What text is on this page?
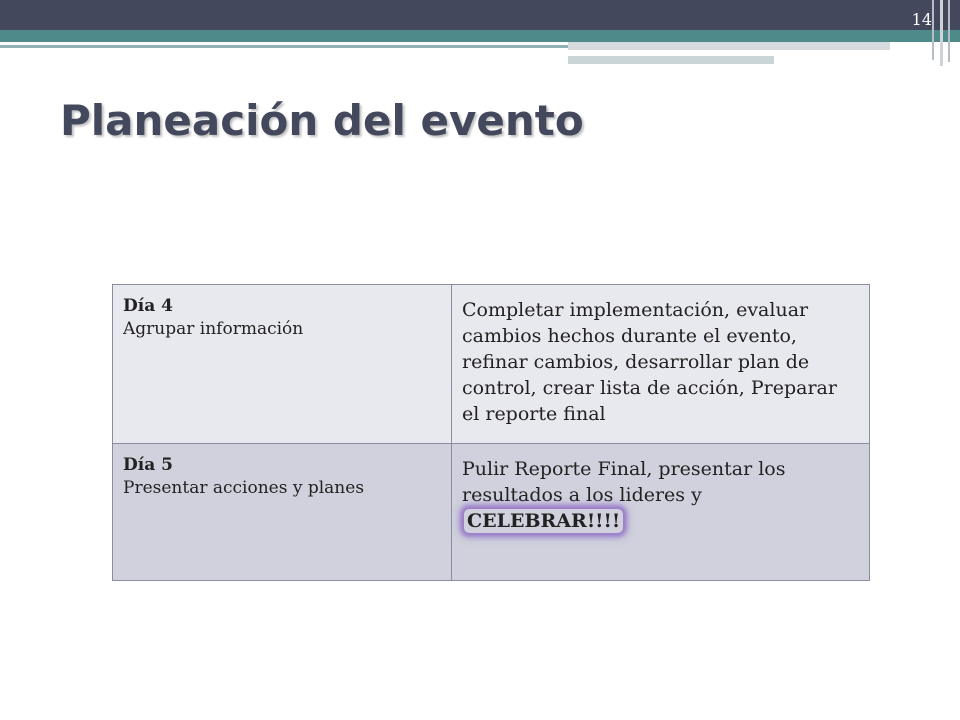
14
Planeación del evento
Día 4
Agrupar información	Completar implementación, evaluar cambios hechos durante el evento, refinar cambios, desarrollar plan de control, crear lista de acción, Preparar el reporte final

Día 5
Presentar acciones y planes	Pulir Reporte Final, presentar los resultados a los lideres y
CELEBRAR!!!!
